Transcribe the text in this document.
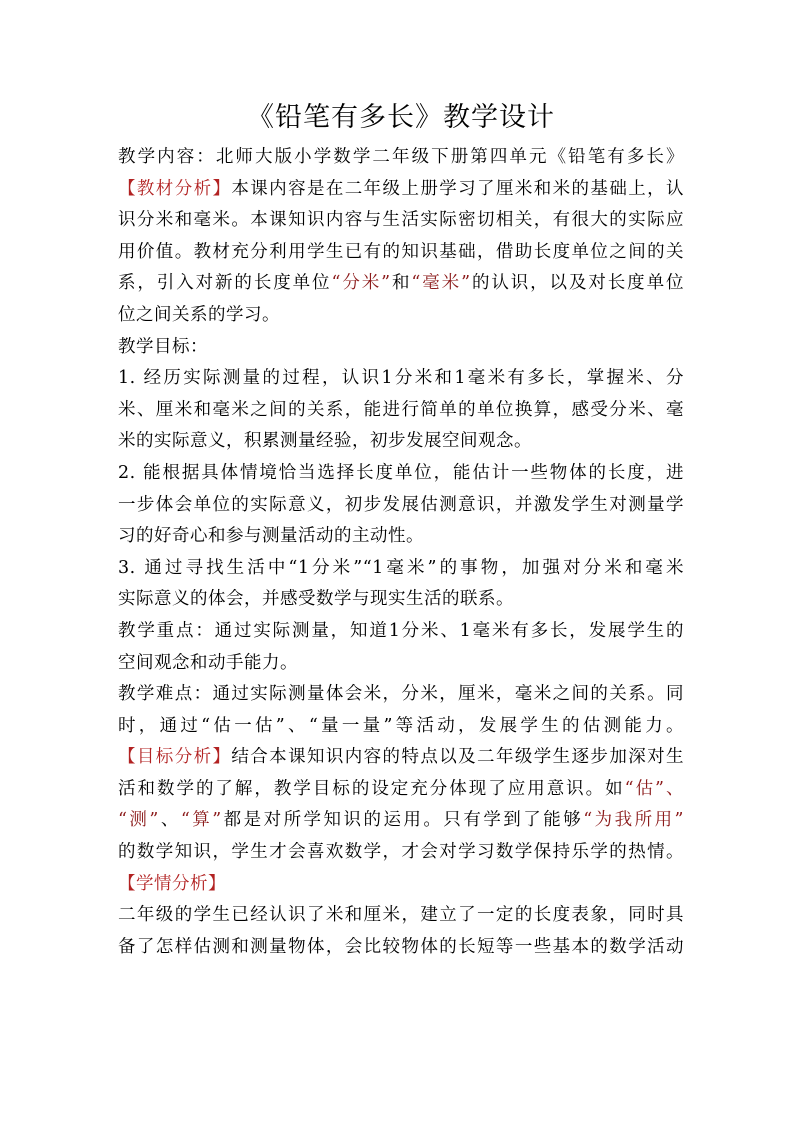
《铅笔有多长》教学设计
教学内容：北师大版小学数学二年级下册第四单元《铅笔有多长》
【教材分析】本课内容是在二年级上册学习了厘米和米的基础上，认
识分米和毫米。本课知识内容与生活实际密切相关，有很大的实际应
用价值。教材充分利用学生已有的知识基础，借助长度单位之间的关
系，引入对新的长度单位“分米”和“毫米”的认识，以及对长度单位
位之间关系的学习。
教学目标：
1. 经历实际测量的过程，认识1分米和1毫米有多长，掌握米、分
米、厘米和毫米之间的关系，能进行简单的单位换算，感受分米、毫
米的实际意义，积累测量经验，初步发展空间观念。
2. 能根据具体情境恰当选择长度单位，能估计一些物体的长度，进
一步体会单位的实际意义，初步发展估测意识，并激发学生对测量学
习的好奇心和参与测量活动的主动性。
3. 通过寻找生活中“1分米”“1毫米”的事物，加强对分米和毫米
实际意义的体会，并感受数学与现实生活的联系。
教学重点：通过实际测量，知道1分米、1毫米有多长，发展学生的
空间观念和动手能力。
教学难点：通过实际测量体会米，分米，厘米，毫米之间的关系。同
时，通过“估一估”、“量一量”等活动，发展学生的估测能力。
【目标分析】结合本课知识内容的特点以及二年级学生逐步加深对生
活和数学的了解，教学目标的设定充分体现了应用意识。如“估”、
“测”、“算”都是对所学知识的运用。只有学到了能够“为我所用”
的数学知识，学生才会喜欢数学，才会对学习数学保持乐学的热情。
【学情分析】
二年级的学生已经认识了米和厘米，建立了一定的长度表象，同时具
备了怎样估测和测量物体，会比较物体的长短等一些基本的数学活动
